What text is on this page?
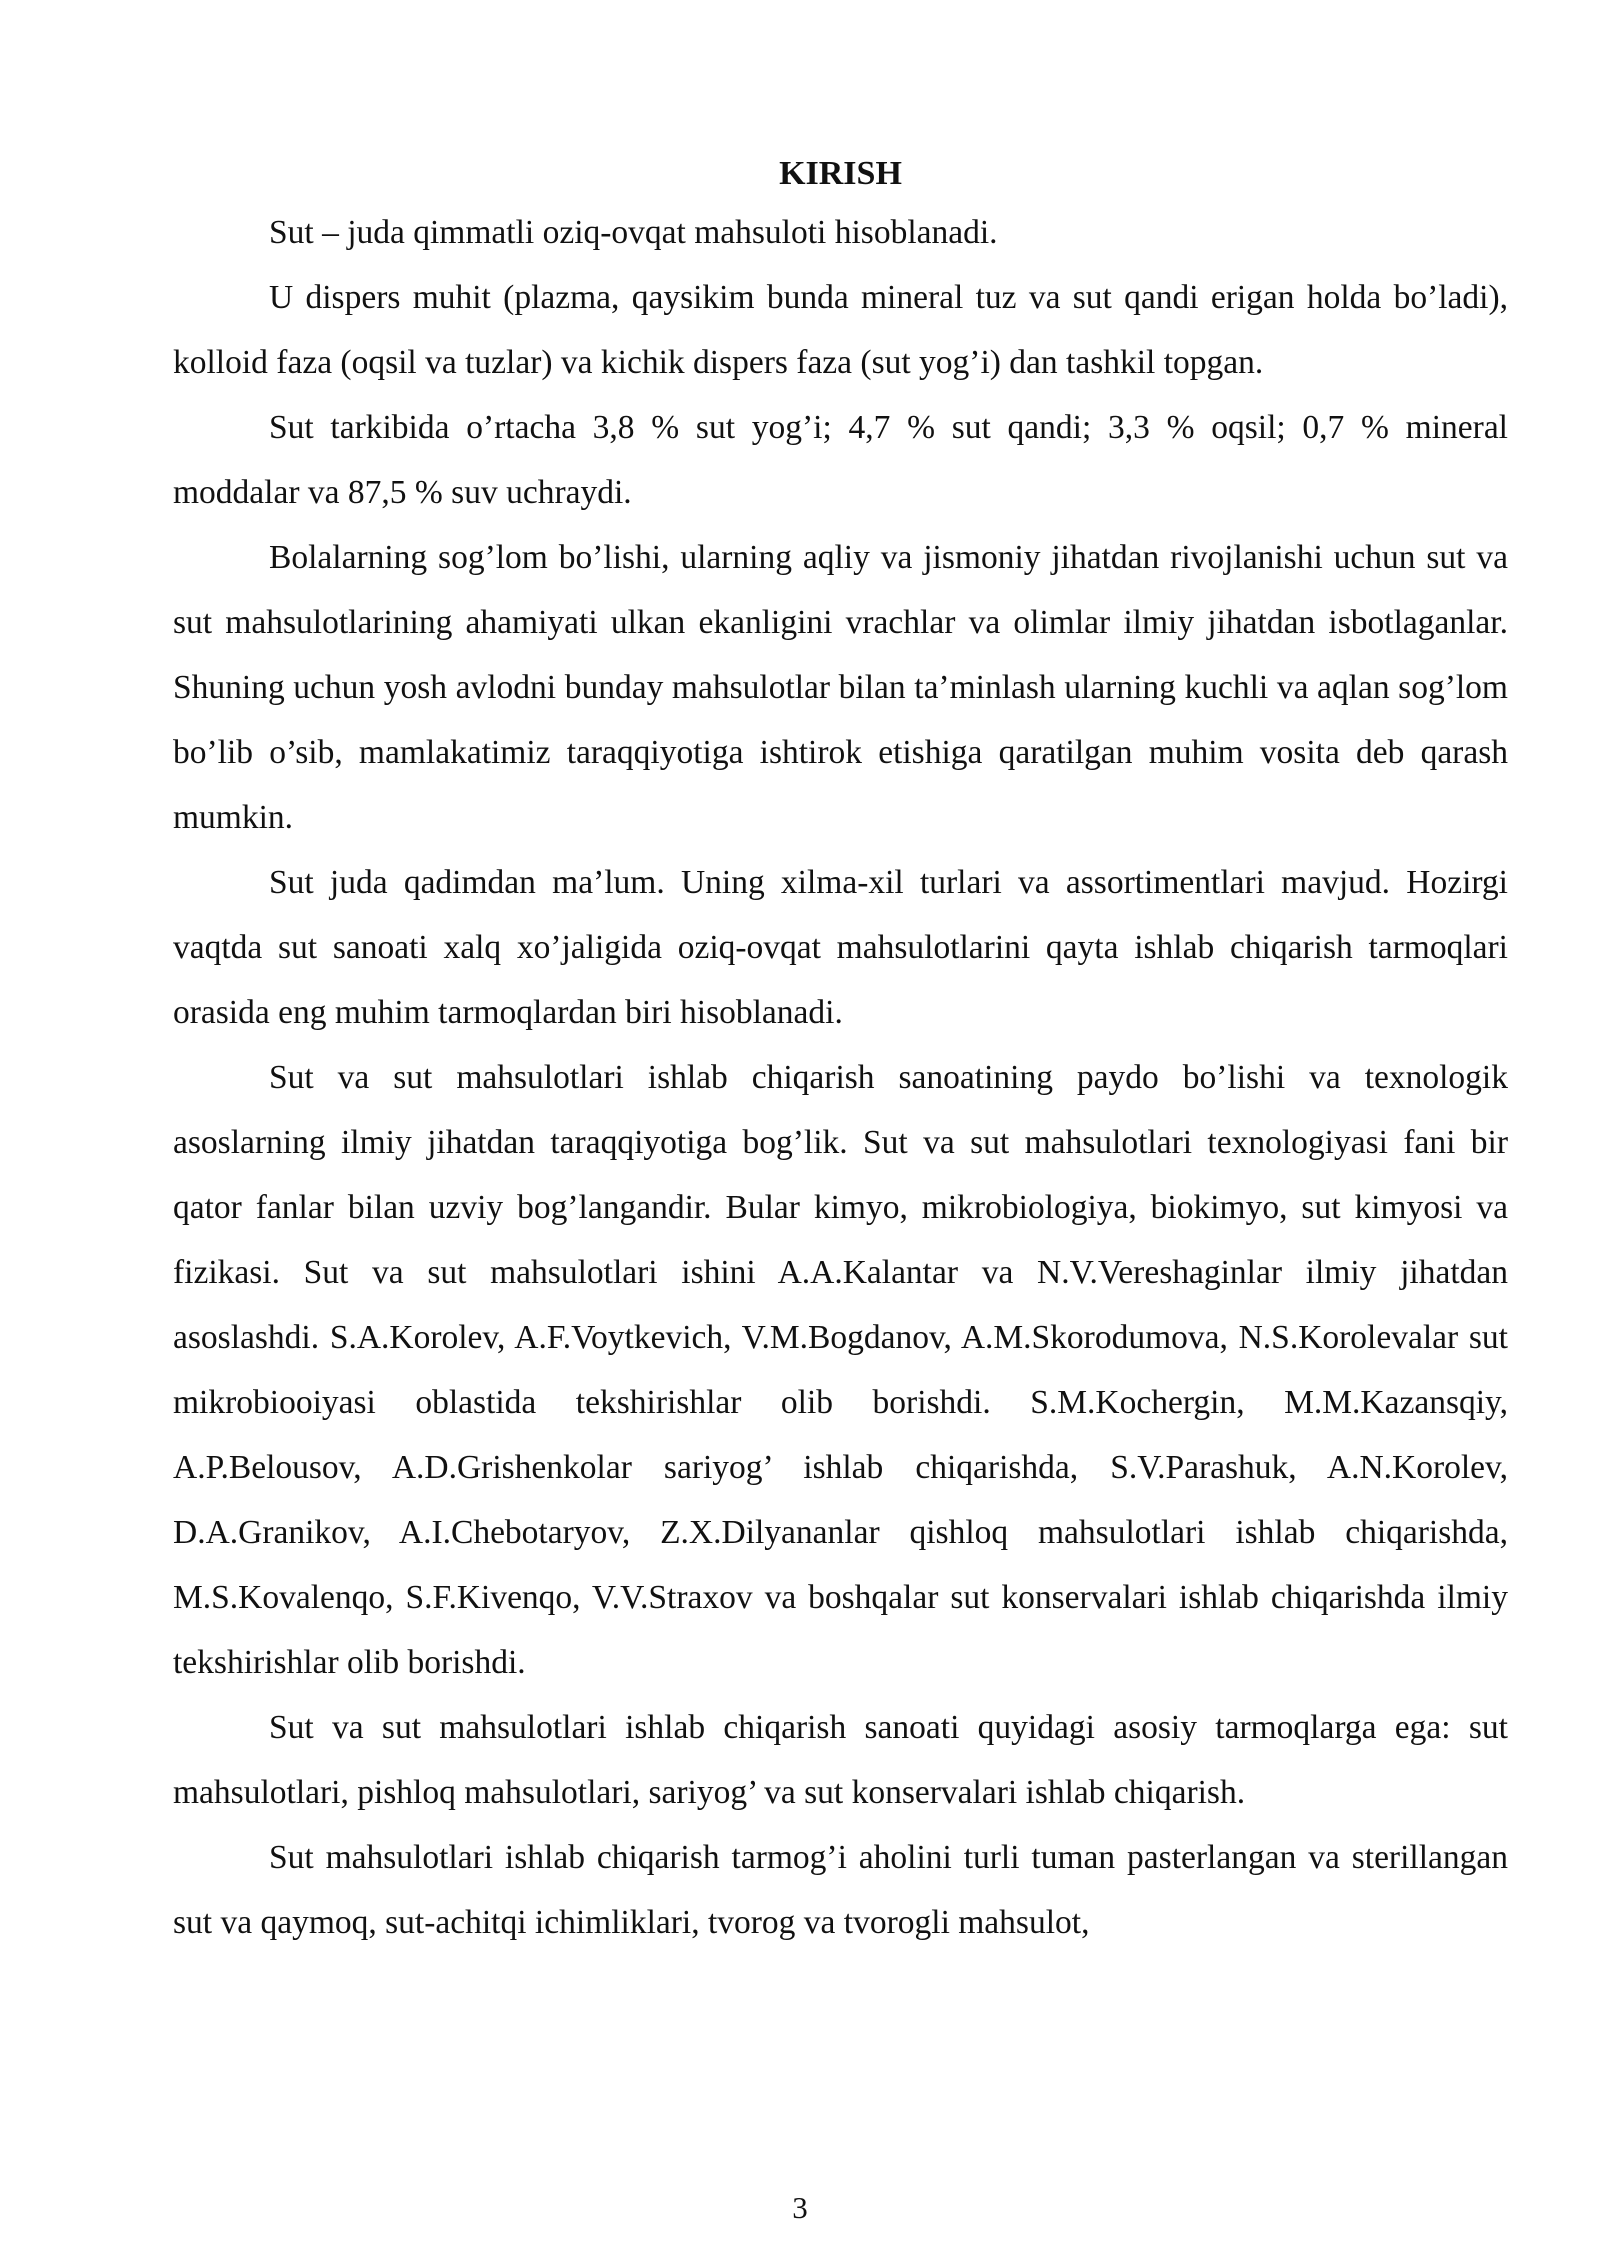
KIRISH

Sut – juda qimmatli oziq-ovqat mahsuloti hisoblanadi.

U dispers muhit (plazma, qaysikim bunda mineral tuz va sut qandi erigan holda bo’ladi), kolloid faza (oqsil va tuzlar) va kichik dispers faza (sut yog’i) dan tashkil topgan.

Sut tarkibida o’rtacha 3,8 % sut yog’i; 4,7 % sut qandi; 3,3 % oqsil; 0,7 % mineral moddalar va 87,5 % suv uchraydi.

Bolalarning sog’lom bo’lishi, ularning aqliy va jismoniy jihatdan rivojlanishi uchun sut va sut mahsulotlarining ahamiyati ulkan ekanligini vrachlar va olimlar ilmiy jihatdan isbotlaganlar. Shuning uchun yosh avlodni bunday mahsulotlar bilan ta’minlash ularning kuchli va aqlan sog’lom bo’lib o’sib, mamlakatimiz taraqqiyotiga ishtirok etishiga qaratilgan muhim vosita deb qarash mumkin.

Sut juda qadimdan ma’lum. Uning xilma-xil turlari va assortimentlari mavjud. Hozirgi vaqtda sut sanoati xalq xo’jaligida oziq-ovqat mahsulotlarini qayta ishlab chiqarish tarmoqlari orasida eng muhim tarmoqlardan biri hisoblanadi.

Sut va sut mahsulotlari ishlab chiqarish sanoatining paydo bo’lishi va texnologik asoslarning ilmiy jihatdan taraqqiyotiga bog’lik. Sut va sut mahsulotlari texnologiyasi fani bir qator fanlar bilan uzviy bog’langandir. Bular kimyo, mikrobiologiya, biokimyo, sut kimyosi va fizikasi. Sut va sut mahsulotlari ishini A.A.Kalantar va N.V.Vereshaginlar ilmiy jihatdan asoslashdi. S.A.Korolev, A.F.Voytkevich, V.M.Bogdanov, A.M.Skorodumova, N.S.Korolevalar sut mikrobiooiyasi oblastida tekshirishlar olib borishdi. S.M.Kochergin, M.M.Kazansqiy, A.P.Belousov, A.D.Grishenkolar sariyog’ ishlab chiqarishda, S.V.Parashuk, A.N.Korolev, D.A.Granikov, A.I.Chebotaryov, Z.X.Dilyananlar qishloq mahsulotlari ishlab chiqarishda, M.S.Kovalenqo, S.F.Kivenqo, V.V.Straxov va boshqalar sut konservalari ishlab chiqarishda ilmiy tekshirishlar olib borishdi.

Sut va sut mahsulotlari ishlab chiqarish sanoati quyidagi asosiy tarmoqlarga ega: sut mahsulotlari, pishloq mahsulotlari, sariyog’ va sut konservalari ishlab chiqarish.

Sut mahsulotlari ishlab chiqarish tarmog’i aholini turli tuman pasterlangan va sterillangan sut va qaymoq, sut-achitqi ichimliklari, tvorog va tvorogli mahsulot,

3
